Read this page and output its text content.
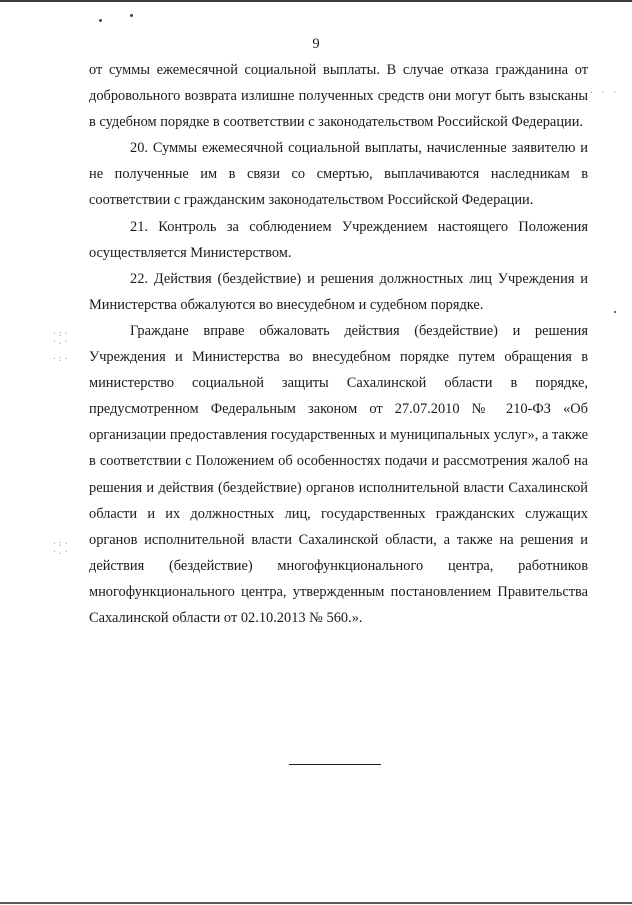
·:·
·.·
·:·
·:·
·.·
· · ·
9

от суммы ежемесячной социальной выплаты. В случае отказа гражданина от добровольного возврата излишне полученных средств они могут быть взысканы в судебном порядке в соответствии с законодательством Российской Федерации.

20. Суммы ежемесячной социальной выплаты, начисленные заявителю и не полученные им в связи со смертью, выплачиваются наследникам в соответствии с гражданским законодательством Российской Федерации.

21. Контроль за соблюдением Учреждением настоящего Положения осуществляется Министерством.

22. Действия (бездействие) и решения должностных лиц Учреждения и Министерства обжалуются во внесудебном и судебном порядке.

Граждане вправе обжаловать действия (бездействие) и решения Учреждения и Министерства во внесудебном порядке путем обращения в министерство социальной защиты Сахалинской области в порядке, предусмотренном Федеральным законом от 27.07.2010 № 210-ФЗ «Об организации предоставления государственных и муниципальных услуг», а также в соответствии с Положением об особенностях подачи и рассмотрения жалоб на решения и действия (бездействие) органов исполнительной власти Сахалинской области и их должностных лиц, государственных гражданских служащих органов исполнительной власти Сахалинской области, а также на решения и действия (бездействие) многофункционального центра, работников многофункционального центра, утвержденным постановлением Правительства Сахалинской области от 02.10.2013 № 560.».
